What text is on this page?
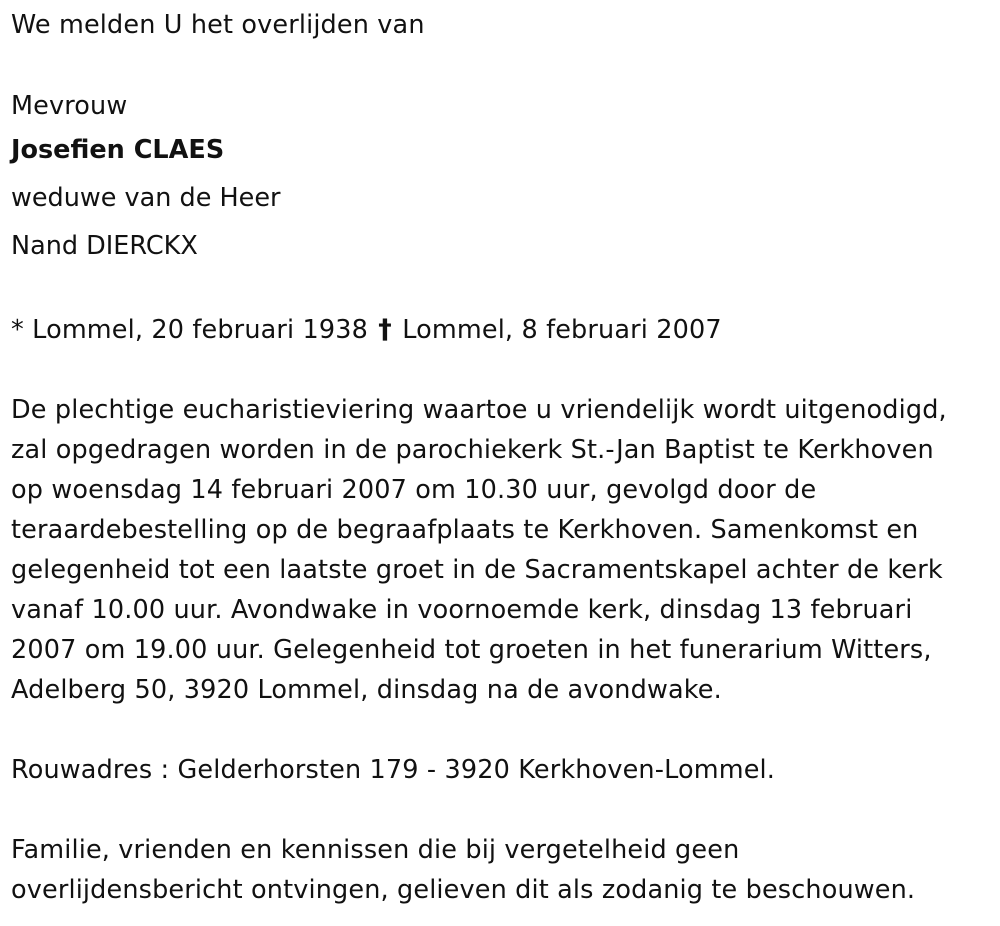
We melden U het overlijden van
Mevrouw
Josefien CLAES
weduwe van de Heer
Nand DIERCKX
* Lommel, 20 februari 1938 † Lommel, 8 februari 2007
De plechtige eucharistieviering waartoe u vriendelijk wordt uitgenodigd,
zal opgedragen worden in de parochiekerk St.-Jan Baptist te Kerkhoven
op woensdag 14 februari 2007 om 10.30 uur, gevolgd door de
teraardebestelling op de begraafplaats te Kerkhoven. Samenkomst en
gelegenheid tot een laatste groet in de Sacramentskapel achter de kerk
vanaf 10.00 uur. Avondwake in voornoemde kerk, dinsdag 13 februari
2007 om 19.00 uur. Gelegenheid tot groeten in het funerarium Witters,
Adelberg 50, 3920 Lommel, dinsdag na de avondwake.
Rouwadres : Gelderhorsten 179 - 3920 Kerkhoven-Lommel.
Familie, vrienden en kennissen die bij vergetelheid geen
overlijdensbericht ontvingen, gelieven dit als zodanig te beschouwen.
